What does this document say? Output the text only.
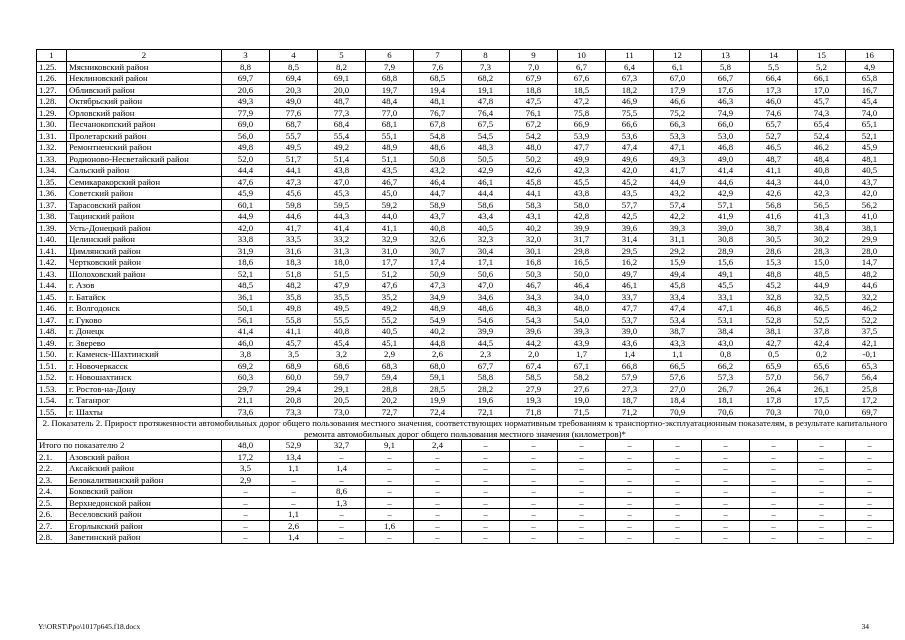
1	2	3	4	5	6	7	8	9	10	11	12	13	14	15	16
1.25.	Мясниковский район	8,8	8,5	8,2	7,9	7,6	7,3	7,0	6,7	6,4	6,1	5,8	5,5	5,2	4,9
1.26.	Неклиновский район	69,7	69,4	69,1	68,8	68,5	68,2	67,9	67,6	67,3	67,0	66,7	66,4	66,1	65,8
1.27.	Обливский район	20,6	20,3	20,0	19,7	19,4	19,1	18,8	18,5	18,2	17,9	17,6	17,3	17,0	16,7
1.28.	Октябрьский район	49,3	49,0	48,7	48,4	48,1	47,8	47,5	47,2	46,9	46,6	46,3	46,0	45,7	45,4
1.29.	Орловский район	77,9	77,6	77,3	77,0	76,7	76,4	76,1	75,8	75,5	75,2	74,9	74,6	74,3	74,0
1.30.	Песчанокопский район	69,0	68,7	68,4	68,1	67,8	67,5	67,2	66,9	66,6	66,3	66,0	65,7	65,4	65,1
1.31.	Пролетарский район	56,0	55,7	55,4	55,1	54,8	54,5	54,2	53,9	53,6	53,3	53,0	52,7	52,4	52,1
1.32.	Ремонтненский район	49,8	49,5	49,2	48,9	48,6	48,3	48,0	47,7	47,4	47,1	46,8	46,5	46,2	45,9
1.33.	Родионово-Несветайский район	52,0	51,7	51,4	51,1	50,8	50,5	50,2	49,9	49,6	49,3	49,0	48,7	48,4	48,1
1.34.	Сальский район	44,4	44,1	43,8	43,5	43,2	42,9	42,6	42,3	42,0	41,7	41,4	41,1	40,8	40,5
1.35.	Семикаракорский район	47,6	47,3	47,0	46,7	46,4	46,1	45,8	45,5	45,2	44,9	44,6	44,3	44,0	43,7
1.36.	Советский район	45,9	45,6	45,3	45,0	44,7	44,4	44,1	43,8	43,5	43,2	42,9	42,6	42,3	42,0
1.37.	Тарасовский район	60,1	59,8	59,5	59,2	58,9	58,6	58,3	58,0	57,7	57,4	57,1	56,8	56,5	56,2
1.38.	Тацинский район	44,9	44,6	44,3	44,0	43,7	43,4	43,1	42,8	42,5	42,2	41,9	41,6	41,3	41,0
1.39.	Усть-Донецкий район	42,0	41,7	41,4	41,1	40,8	40,5	40,2	39,9	39,6	39,3	39,0	38,7	38,4	38,1
1.40.	Целинский район	33,8	33,5	33,2	32,9	32,6	32,3	32,0	31,7	31,4	31,1	30,8	30,5	30,2	29,9
1.41.	Цимлянский район	31,9	31,6	31,3	31,0	30,7	30,4	30,1	29,8	29,5	29,2	28,9	28,6	28,3	28,0
1.42.	Чертковский район	18,6	18,3	18,0	17,7	17,4	17,1	16,8	16,5	16,2	15,9	15,6	15,3	15,0	14,7
1.43.	Шолоховский район	52,1	51,8	51,5	51,2	50,9	50,6	50,3	50,0	49,7	49,4	49,1	48,8	48,5	48,2
1.44.	г. Азов	48,5	48,2	47,9	47,6	47,3	47,0	46,7	46,4	46,1	45,8	45,5	45,2	44,9	44,6
1.45.	г. Батайск	36,1	35,8	35,5	35,2	34,9	34,6	34,3	34,0	33,7	33,4	33,1	32,8	32,5	32,2
1.46.	г. Волгодонск	50,1	49,8	49,5	49,2	48,9	48,6	48,3	48,0	47,7	47,4	47,1	46,8	46,5	46,2
1.47.	г. Гуково	56,1	55,8	55,5	55,2	54,9	54,6	54,3	54,0	53,7	53,4	53,1	52,8	52,5	52,2
1.48.	г. Донецк	41,4	41,1	40,8	40,5	40,2	39,9	39,6	39,3	39,0	38,7	38,4	38,1	37,8	37,5
1.49.	г. Зверево	46,0	45,7	45,4	45,1	44,8	44,5	44,2	43,9	43,6	43,3	43,0	42,7	42,4	42,1
1.50.	г. Каменск-Шахтинский	3,8	3,5	3,2	2,9	2,6	2,3	2,0	1,7	1,4	1,1	0,8	0,5	0,2	-0,1
1.51.	г. Новочеркасск	69,2	68,9	68,6	68,3	68,0	67,7	67,4	67,1	66,8	66,5	66,2	65,9	65,6	65,3
1.52.	г. Новошахтинск	60,3	60,0	59,7	59,4	59,1	58,8	58,5	58,2	57,9	57,6	57,3	57,0	56,7	56,4
1.53.	г. Ростов-на-Дону	29,7	29,4	29,1	28,8	28,5	28,2	27,9	27,6	27,3	27,0	26,7	26,4	26,1	25,8
1.54.	г. Таганрог	21,1	20,8	20,5	20,2	19,9	19,6	19,3	19,0	18,7	18,4	18,1	17,8	17,5	17,2
1.55.	г. Шахты	73,6	73,3	73,0	72,7	72,4	72,1	71,8	71,5	71,2	70,9	70,6	70,3	70,0	69,7
2. Показатель 2. Прирост протяженности автомобильных дорог общего пользования местного значения, соответствующих нормативным требованиям к транспортно-эксплуатационным показателям, в результате капитального ремонта автомобильных дорог общего пользования местного значения (километров)*															
Итого по показателю 2		48,0	52,9	32,7	9,1	2,4	–	–	–	–	–	–	–	–	–
2.1.	Азовский район	17,2	13,4	–	–	–	–	–	–	–	–	–	–	–	–
2.2.	Аксайский район	3,5	1,1	1,4	–	–	–	–	–	–	–	–	–	–	–
2.3.	Белокалитвинский район	2,9	–	–	–	–	–	–	–	–	–	–	–	–	–
2.4.	Боковский район	–	–	8,6	–	–	–	–	–	–	–	–	–	–	–
2.5.	Верхнедонской район	–	–	1,3	–	–	–	–	–	–	–	–	–	–	–
2.6.	Веселовский район	–	1,1	–	–	–	–	–	–	–	–	–	–	–	–
2.7.	Егорлыкский район	–	2,6	–	1,6	–	–	–	–	–	–	–	–	–	–
2.8.	Заветинский район	–	1,4	–	–	–	–	–	–	–	–	–	–	–	–
Y:\ORST\Ppo\1017p645.f18.docx	34
